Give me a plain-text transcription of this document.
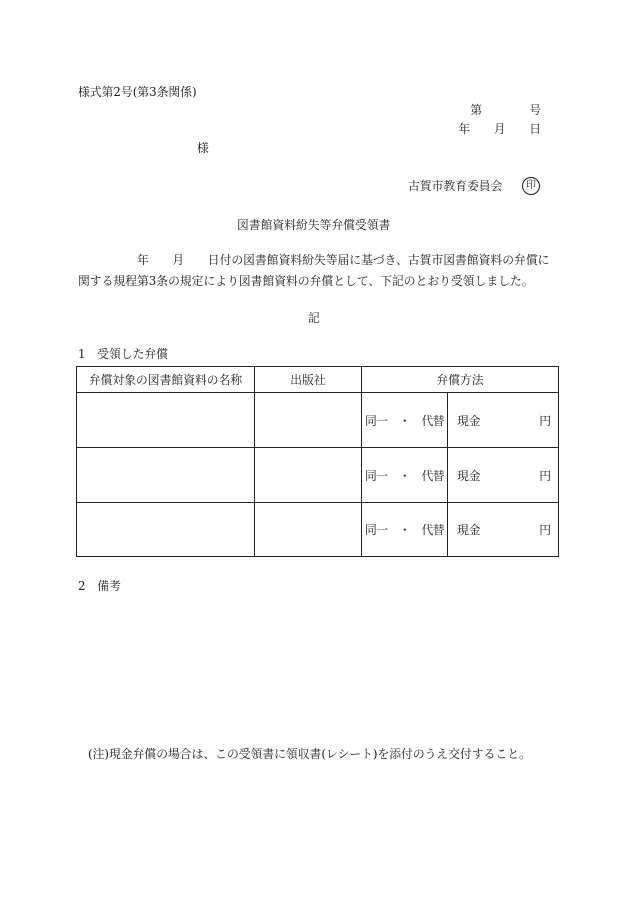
様式第2号(第3条関係)
第　　　　号
年　　月　　日
様
古賀市教育委員会	印
図書館資料紛失等弁償受領書
年　　月　　日付の図書館資料紛失等届に基づき、古賀市図書館資料の弁償に
関する規程第3条の規定により図書館資料の弁償として、下記のとおり受領しました。
記
1　受領した弁償
弁償対象の図書館資料の名称	出版社	弁償方法	
		同一　・　代替	現金 円

		同一　・　代替	現金 円

		同一　・　代替	現金 円
2　備考
(注)現金弁償の場合は、この受領書に領収書(レシート)を添付のうえ交付すること。
